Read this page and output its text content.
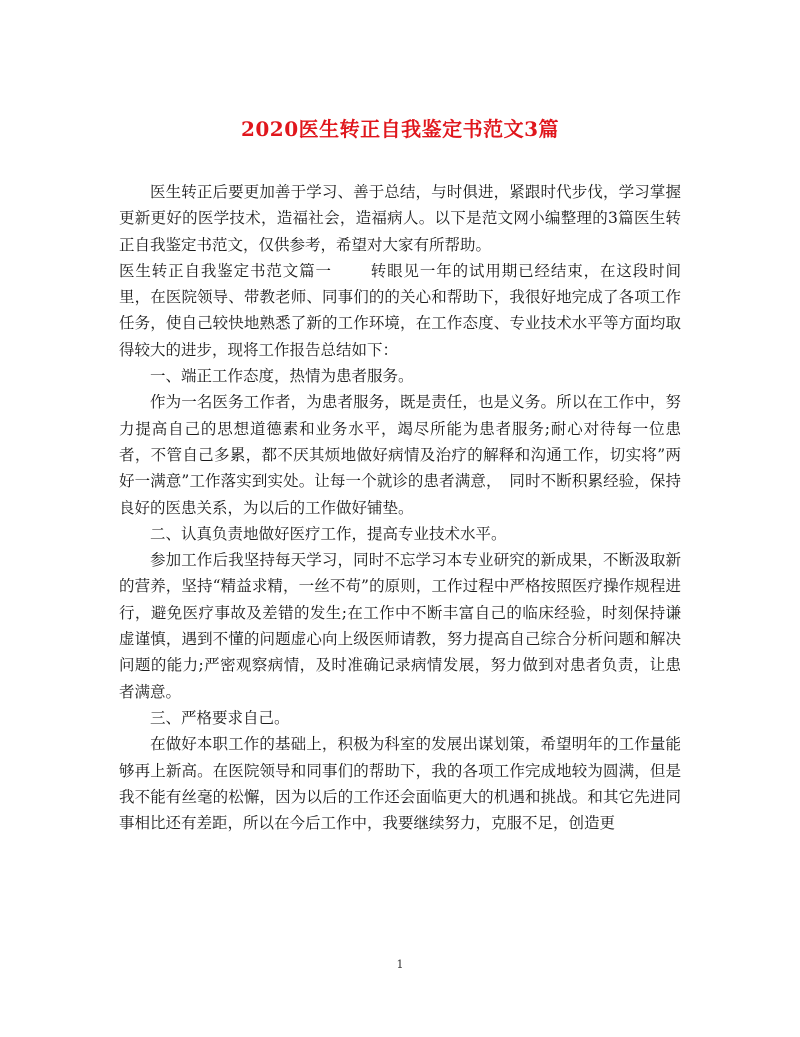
2020医生转正自我鉴定书范文3篇

医生转正后要更加善于学习、善于总结，与时俱进，紧跟时代步伐，学习掌握更新更好的医学技术，造福社会，造福病人。以下是范文网小编整理的3篇医生转正自我鉴定书范文，仅供参考，希望对大家有所帮助。

医生转正自我鉴定书范文篇一 转眼见一年的试用期已经结束，在这段时间里，在医院领导、带教老师、同事们的的关心和帮助下，我很好地完成了各项工作任务，使自己较快地熟悉了新的工作环境，在工作态度、专业技术水平等方面均取得较大的进步，现将工作报告总结如下：

一、端正工作态度，热情为患者服务。

作为一名医务工作者，为患者服务，既是责任，也是义务。所以在工作中，努力提高自己的思想道德素和业务水平，竭尽所能为患者服务;耐心对待每一位患者，不管自己多累，都不厌其烦地做好病情及治疗的解释和沟通工作，切实将”两好一满意”工作落实到实处。让每一个就诊的患者满意，　同时不断积累经验，保持良好的医患关系，为以后的工作做好铺垫。

二、认真负责地做好医疗工作，提高专业技术水平。

参加工作后我坚持每天学习，同时不忘学习本专业研究的新成果，不断汲取新的营养，坚持“精益求精，一丝不苟”的原则，工作过程中严格按照医疗操作规程进行，避免医疗事故及差错的发生;在工作中不断丰富自己的临床经验，时刻保持谦虚谨慎，遇到不懂的问题虚心向上级医师请教，努力提高自己综合分析问题和解决问题的能力;严密观察病情，及时准确记录病情发展，努力做到对患者负责，让患者满意。

三、严格要求自己。

在做好本职工作的基础上，积极为科室的发展出谋划策，希望明年的工作量能够再上新高。在医院领导和同事们的帮助下，我的各项工作完成地较为圆满，但是我不能有丝毫的松懈，因为以后的工作还会面临更大的机遇和挑战。和其它先进同事相比还有差距，所以在今后工作中，我要继续努力，克服不足，创造更

1
